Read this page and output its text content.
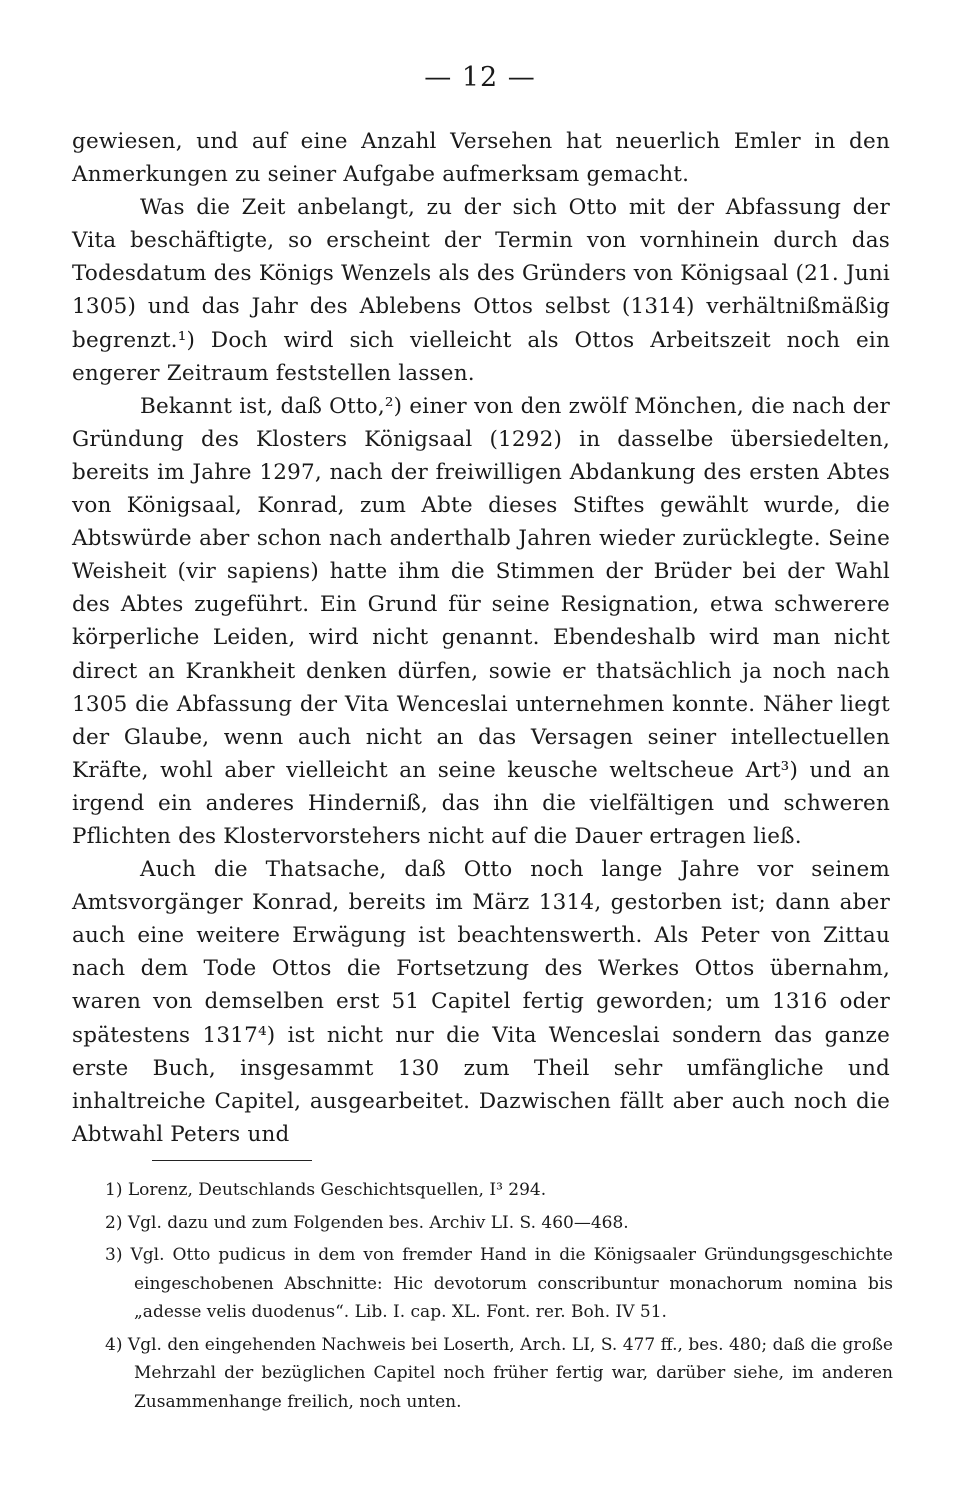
— 12 —

gewiesen, und auf eine Anzahl Versehen hat neuerlich Emler in den Anmerkungen zu seiner Aufgabe aufmerksam gemacht.

Was die Zeit anbelangt, zu der sich Otto mit der Abfassung der Vita beschäftigte, so erscheint der Termin von vornhinein durch das Todesdatum des Königs Wenzels als des Gründers von Königsaal (21. Juni 1305) und das Jahr des Ablebens Ottos selbst (1314) verhältnißmäßig begrenzt.¹) Doch wird sich vielleicht als Ottos Arbeitszeit noch ein engerer Zeitraum feststellen lassen.

Bekannt ist, daß Otto,²) einer von den zwölf Mönchen, die nach der Gründung des Klosters Königsaal (1292) in dasselbe übersiedelten, bereits im Jahre 1297, nach der freiwilligen Abdankung des ersten Abtes von Königsaal, Konrad, zum Abte dieses Stiftes gewählt wurde, die Abtswürde aber schon nach anderthalb Jahren wieder zurücklegte. Seine Weisheit (vir sapiens) hatte ihm die Stimmen der Brüder bei der Wahl des Abtes zugeführt. Ein Grund für seine Resignation, etwa schwerere körperliche Leiden, wird nicht genannt. Ebendeshalb wird man nicht direct an Krankheit denken dürfen, sowie er thatsächlich ja noch nach 1305 die Abfassung der Vita Wenceslai unternehmen konnte. Näher liegt der Glaube, wenn auch nicht an das Versagen seiner intellectuellen Kräfte, wohl aber vielleicht an seine keusche weltscheue Art³) und an irgend ein anderes Hinderniß, das ihn die vielfältigen und schweren Pflichten des Klostervorstehers nicht auf die Dauer ertragen ließ.

Auch die Thatsache, daß Otto noch lange Jahre vor seinem Amtsvorgänger Konrad, bereits im März 1314, gestorben ist; dann aber auch eine weitere Erwägung ist beachtenswerth. Als Peter von Zittau nach dem Tode Ottos die Fortsetzung des Werkes Ottos übernahm, waren von demselben erst 51 Capitel fertig geworden; um 1316 oder spätestens 1317⁴) ist nicht nur die Vita Wenceslai sondern das ganze erste Buch, insgesammt 130 zum Theil sehr umfängliche und inhaltreiche Capitel, ausgearbeitet. Dazwischen fällt aber auch noch die Abtwahl Peters und

1) Lorenz, Deutschlands Geschichtsquellen, I³ 294.

2) Vgl. dazu und zum Folgenden bes. Archiv LI. S. 460—468.

3) Vgl. Otto pudicus in dem von fremder Hand in die Königsaaler Gründungsgeschichte eingeschobenen Abschnitte: Hic devotorum conscribuntur monachorum nomina bis „adesse velis duodenus“. Lib. I. cap. XL. Font. rer. Boh. IV 51.

4) Vgl. den eingehenden Nachweis bei Loserth, Arch. LI, S. 477 ff., bes. 480; daß die große Mehrzahl der bezüglichen Capitel noch früher fertig war, darüber siehe, im anderen Zusammenhange freilich, noch unten.
